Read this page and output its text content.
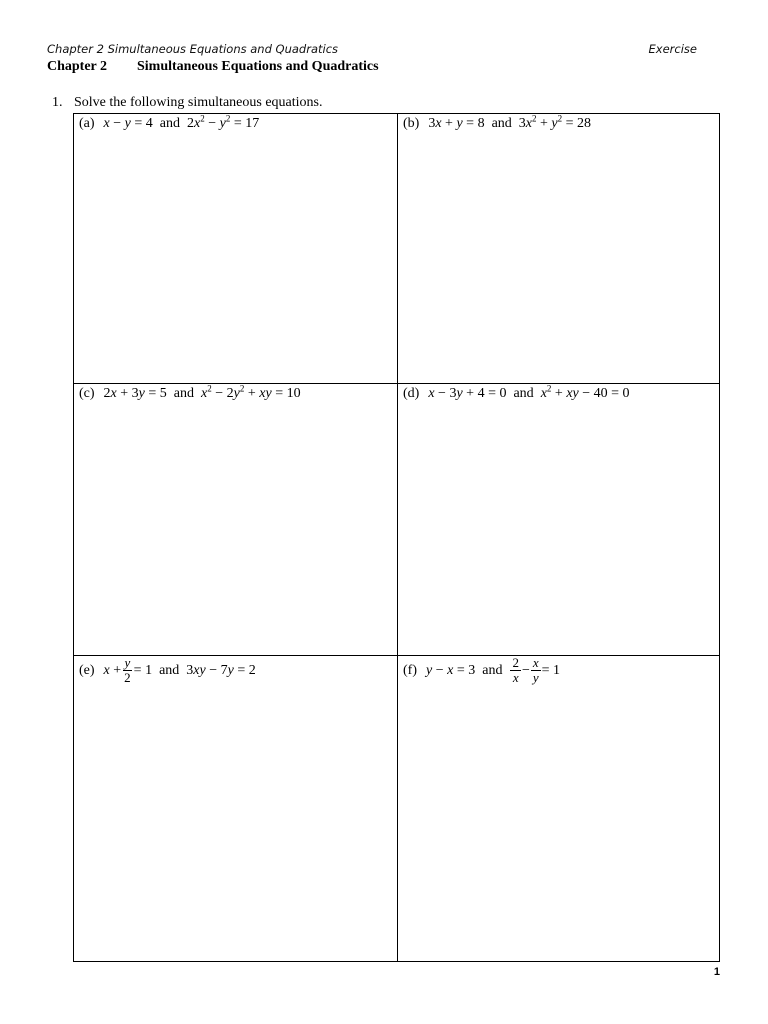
Chapter 2 Simultaneous Equations and Quadratics	Exercise
Chapter 2 Simultaneous Equations and Quadratics
1. Solve the following simultaneous equations.
(a) x − y = 4 and $2x^2 - y^2 = 17$	(b) 3x + y = 8 and $3x^2 + y^2 = 28$
(c) 2x + 3y = 5 and $x^2 - 2y^2$ + xy = 10	(d) x − 3y + 4 = 0 and $x^2$ + xy − 40 = 0
(e) $x + \frac{y}{2} = 1$ and 3xy − 7y = 2	(f) y − x = 3 and $\frac{2}{x} - \frac{x}{y} = 1$
1
